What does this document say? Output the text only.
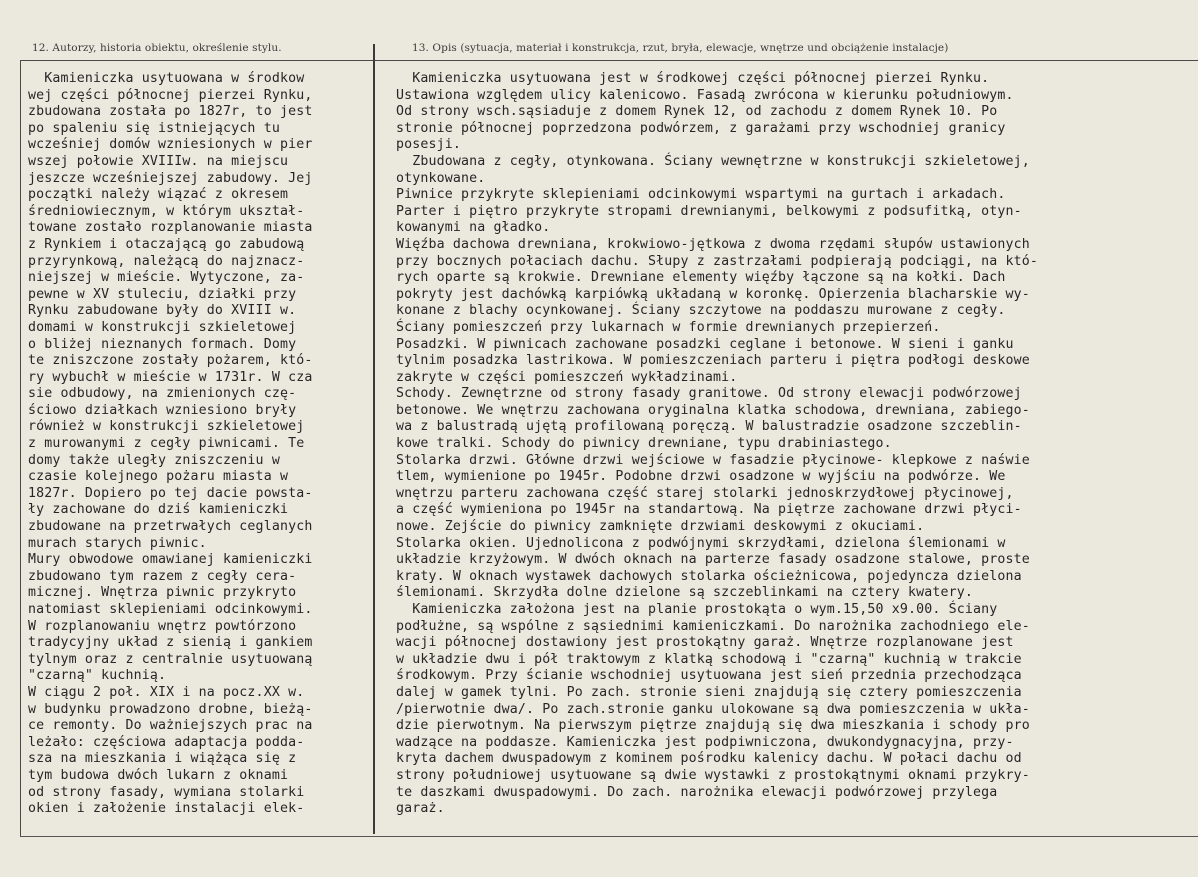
12. Autorzy, historia obiektu, określenie stylu.	13. Opis (sytuacja, materiał i konstrukcja, rzut, bryła, elewacje, wnętrze und obciążenie instalacje)
Kamieniczka usytuowana w środkow
wej części północnej pierzei Rynku,
zbudowana została po 1827r, to jest
po spaleniu się istniejących tu
wcześniej domów wzniesionych w pier
wszej połowie XVIIIw. na miejscu
jeszcze wcześniejszej zabudowy. Jej
początki należy wiązać z okresem
średniowiecznym, w którym ukształ-
towane zostało rozplanowanie miasta
z Rynkiem i otaczającą go zabudową
przyrynkową, należącą do najznacz-
niejszej w mieście. Wytyczone, za-
pewne w XV stuleciu, działki przy
Rynku zabudowane były do XVIII w.
domami w konstrukcji szkieletowej
o bliżej nieznanych formach. Domy
te zniszczone zostały pożarem, któ-
ry wybuchł w mieście w 1731r. W cza
sie odbudowy, na zmienionych czę-
ściowo działkach wzniesiono bryły
również w konstrukcji szkieletowej
z murowanymi z cegły piwnicami. Te
domy także uległy zniszczeniu w
czasie kolejnego pożaru miasta w
1827r. Dopiero po tej dacie powsta-
ły zachowane do dziś kamieniczki
zbudowane na przetrwałych ceglanych
murach starych piwnic.
Mury obwodowe omawianej kamieniczki
zbudowano tym razem z cegły cera-
micznej. Wnętrza piwnic przykryto
natomiast sklepieniami odcinkowymi.
W rozplanowaniu wnętrz powtórzono
tradycyjny układ z sienią i gankiem
tylnym oraz z centralnie usytuowaną
"czarną" kuchnią.
W ciągu 2 poł. XIX i na pocz.XX w.
w budynku prowadzono drobne, bieżą-
ce remonty. Do ważniejszych prac na
leżało: częściowa adaptacja podda-
sza na mieszkania i wiążąca się z
tym budowa dwóch lukarn z oknami
od strony fasady, wymiana stolarki
okien i założenie instalacji elek-
Kamieniczka usytuowana jest w środkowej części północnej pierzei Rynku.
Ustawiona względem ulicy kalenicowo. Fasadą zwrócona w kierunku południowym.
Od strony wsch.sąsiaduje z domem Rynek 12, od zachodu z domem Rynek 10. Po
stronie północnej poprzedzona podwórzem, z garażami przy wschodniej granicy
posesji.
Zbudowana z cegły, otynkowana. Ściany wewnętrzne w konstrukcji szkieletowej,
otynkowane.
Piwnice przykryte sklepieniami odcinkowymi wspartymi na gurtach i arkadach.
Parter i piętro przykryte stropami drewnianymi, belkowymi z podsufitką, otyn-
kowanymi na gładko.
Więźba dachowa drewniana, krokwiowo-jętkowa z dwoma rzędami słupów ustawionych
przy bocznych połaciach dachu. Słupy z zastrzałami podpierają podciągi, na któ-
rych oparte są krokwie. Drewniane elementy więźby łączone są na kołki. Dach
pokryty jest dachówką karpiówką układaną w koronkę. Opierzenia blacharskie wy-
konane z blachy ocynkowanej. Ściany szczytowe na poddaszu murowane z cegły.
Ściany pomieszczeń przy lukarnach w formie drewnianych przepierzeń.
Posadzki. W piwnicach zachowane posadzki ceglane i betonowe. W sieni i ganku
tylnim posadzka lastrikowa. W pomieszczeniach parteru i piętra podłogi deskowe
zakryte w części pomieszczeń wykładzinami.
Schody. Zewnętrzne od strony fasady granitowe. Od strony elewacji podwórzowej
betonowe. We wnętrzu zachowana oryginalna klatka schodowa, drewniana, zabiego-
wa z balustradą ujętą profilowaną poręczą. W balustradzie osadzone szczeblin-
kowe tralki. Schody do piwnicy drewniane, typu drabiniastego.
Stolarka drzwi. Główne drzwi wejściowe w fasadzie płycinowe- klepkowe z naświe
tlem, wymienione po 1945r. Podobne drzwi osadzone w wyjściu na podwórze. We
wnętrzu parteru zachowana część starej stolarki jednoskrzydłowej płycinowej,
a część wymieniona po 1945r na standartową. Na piętrze zachowane drzwi płyci-
nowe. Zejście do piwnicy zamknięte drzwiami deskowymi z okuciami.
Stolarka okien. Ujednolicona z podwójnymi skrzydłami, dzielona ślemionami w
układzie krzyżowym. W dwóch oknach na parterze fasady osadzone stalowe, proste
kraty. W oknach wystawek dachowych stolarka ościeżnicowa, pojedyncza dzielona
ślemionami. Skrzydła dolne dzielone są szczeblinkami na cztery kwatery.
Kamieniczka założona jest na planie prostokąta o wym.15,50 x9.00. Ściany
podłużne, są wspólne z sąsiednimi kamieniczkami. Do narożnika zachodniego ele-
wacji północnej dostawiony jest prostokątny garaż. Wnętrze rozplanowane jest
w układzie dwu i pół traktowym z klatką schodową i "czarną" kuchnią w trakcie
środkowym. Przy ścianie wschodniej usytuowana jest sień przednia przechodząca
dalej w gamek tylni. Po zach. stronie sieni znajdują się cztery pomieszczenia
/pierwotnie dwa/. Po zach.stronie ganku ulokowane są dwa pomieszczenia w ukła-
dzie pierwotnym. Na pierwszym piętrze znajdują się dwa mieszkania i schody pro
wadzące na poddasze. Kamieniczka jest podpiwniczona, dwukondygnacyjna, przy-
kryta dachem dwuspadowym z kominem pośrodku kalenicy dachu. W połaci dachu od
strony południowej usytuowane są dwie wystawki z prostokątnymi oknami przykry-
te daszkami dwuspadowymi. Do zach. narożnika elewacji podwórzowej przylega
garaż.
